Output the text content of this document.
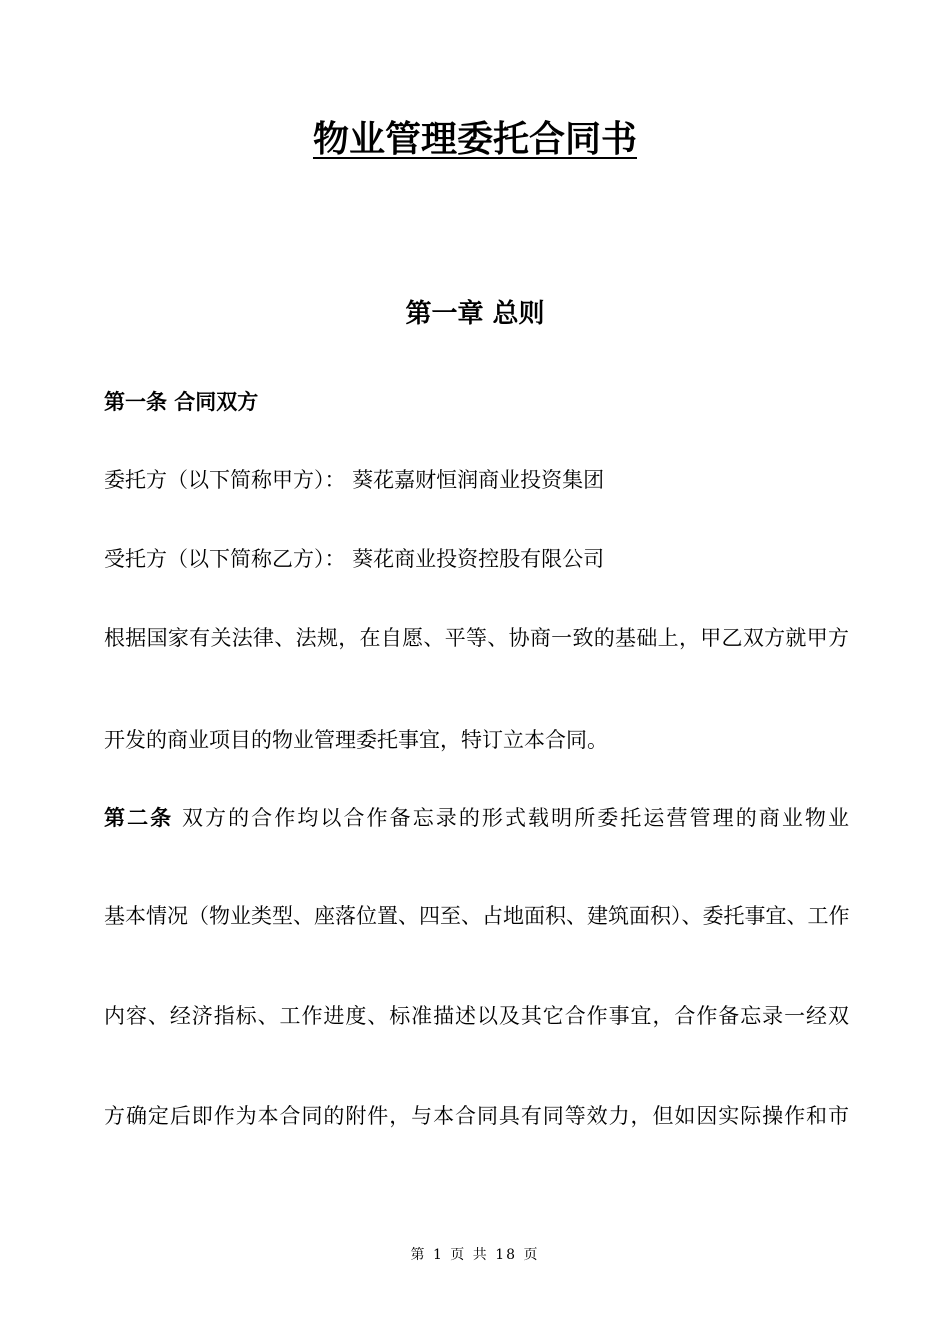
物业管理委托合同书
第一章 总则

第一条 合同双方

委托方（以下简称甲方）： 葵花嘉财恒润商业投资集团

受托方（以下简称乙方）： 葵花商业投资控股有限公司

根据国家有关法律、法规，在自愿、平等、协商一致的基础上，甲乙双方就甲方

开发的商业项目的物业管理委托事宜，特订立本合同。

第二条 双方的合作均以合作备忘录的形式载明所委托运营管理的商业物业

基本情况（物业类型、座落位置、四至、占地面积、建筑面积）、委托事宜、工作

内容、经济指标、工作进度、标准描述以及其它合作事宜，合作备忘录一经双

方确定后即作为本合同的附件，与本合同具有同等效力，但如因实际操作和市

第 1 页 共 18 页
